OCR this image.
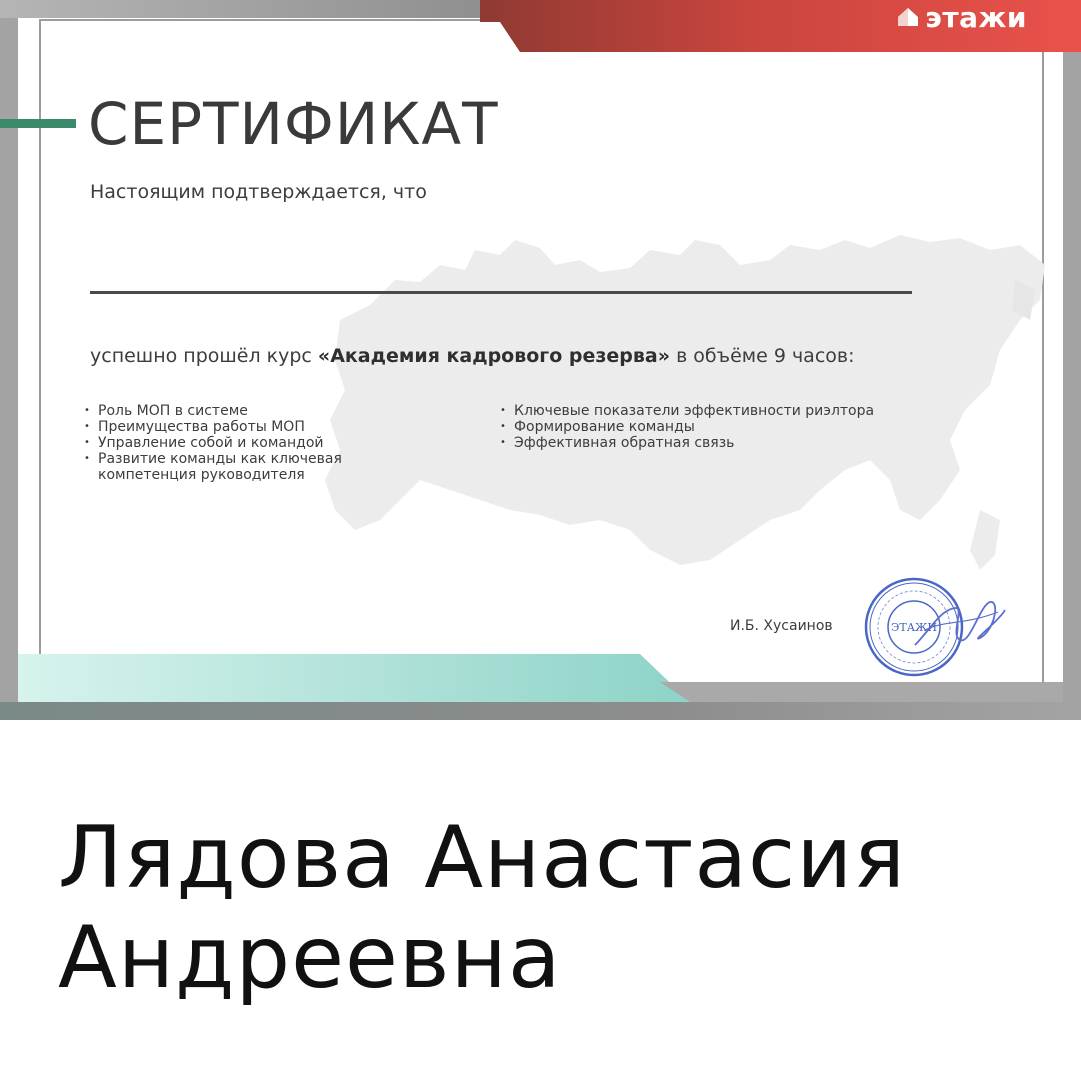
этажи
СЕРТИФИКАТ
Настоящим подтверждается, что
успешно прошёл курс «Академия кадрового резерва» в объёме 9 часов:
• Роль МОП в системе
• Преимущества работы МОП
• Управление собой и командой
• Развитие команды как ключевая компетенция руководителя
• Ключевые показатели эффективности риэлтора
• Формирование команды
• Эффективная обратная связь
И.Б. Хусаинов	ЭТАЖИ
Лядова Анастасия
Андреевна
